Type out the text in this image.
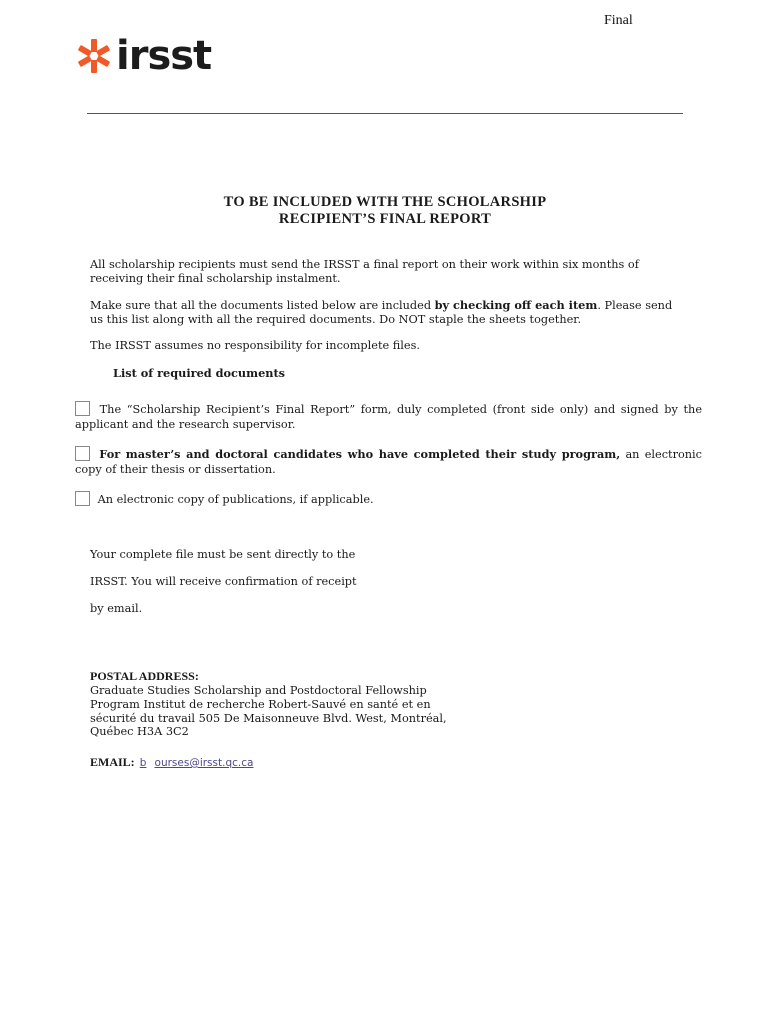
Final
irsst
TO BE INCLUDED WITH THE SCHOLARSHIP
RECIPIENT’S FINAL REPORT
All scholarship recipients must send the IRSST a final report on their work within six months of
receiving their final scholarship instalment.
Make sure that all the documents listed below are included by checking off each item. Please send
us this list along with all the required documents. Do NOT staple the sheets together.
The IRSST assumes no responsibility for incomplete files.
List of required documents
The “Scholarship Recipient’s Final Report” form, duly completed (front side only) and signed by the applicant and the research supervisor.
For master’s and doctoral candidates who have completed their study program, an electronic copy of their thesis or dissertation.
An electronic copy of publications, if applicable.
Your complete file must be sent directly to the
IRSST. You will receive confirmation of receipt
by email.
POSTAL ADDRESS:
Graduate Studies Scholarship and Postdoctoral Fellowship
Program Institut de recherche Robert-Sauvé en santé et en
sécurité du travail 505 De Maisonneuve Blvd. West, Montréal,
Québec H3A 3C2
EMAIL: b ourses@irsst.qc.ca
